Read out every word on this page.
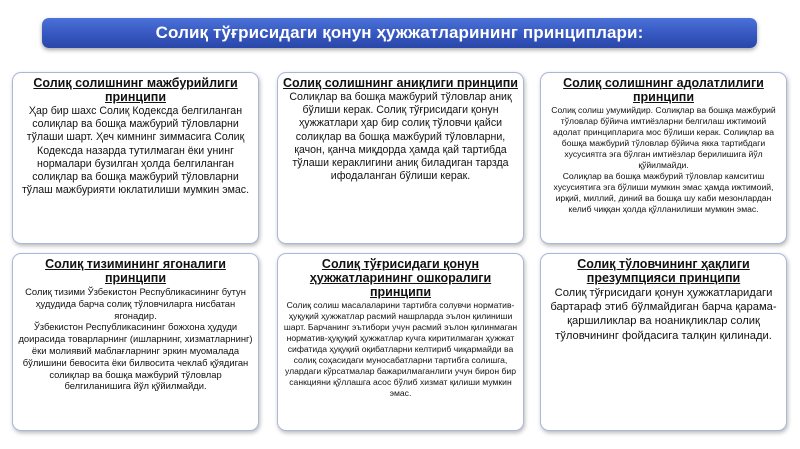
Солиқ тўғрисидаги қонун ҳужжатларининг принциплари:
Солиқ солишнинг мажбурийлиги принципи

Ҳар бир шахс Солиқ Кодексда белгиланган солиқлар ва бошқа мажбурий тўловларни тўлаши шарт. Ҳеч кимнинг зиммасига Солиқ Кодексда назарда тутилмаган ёки унинг нормалари бузилган ҳолда белгиланган солиқлар ва бошқа мажбурий тўловларни тўлаш мажбурияти юклатилиши мумкин эмас.

Солиқ солишнинг аниқлиги принципи

Солиқлар ва бошқа мажбурий тўловлар аниқ бўлиши керак. Солиқ тўғрисидаги қонун ҳужжатлари ҳар бир солиқ тўловчи қайси солиқлар ва бошқа мажбурий тўловларни, қачон, қанча миқдорда ҳамда қай тартибда тўлаши кераклигини аниқ биладиган тарзда ифодаланган бўлиши керак.

Солиқ солишнинг адолатлилиги принципи

Солиқ солиш умумийдир. Солиқлар ва бошқа мажбурий тўловлар бўйича имтиёзларни белгилаш ижтимоий адолат принципларига мос бўлиши керак. Солиқлар ва бошқа мажбурий тўловлар бўйича якка тартибдаги хусусиятга эга бўлган имтиёзлар берилишига йўл қўйилмайди.

Солиқлар ва бошқа мажбурий тўловлар камситиш хусусиятига эга бўлиши мумкин эмас ҳамда ижтимоий, ирқий, миллий, диний ва бошқа шу каби мезонлардан келиб чиққан ҳолда қўлланилиши мумкин эмас.

Солиқ тизимининг ягоналиги принципи

Солиқ тизими Ўзбекистон Республикасининг бутун ҳудудида барча солиқ тўловчиларга нисбатан ягонадир.

Ўзбекистон Республикасининг божхона ҳудуди доирасида товарларнинг (ишларнинг, хизматларнинг) ёки молиявий маблағларнинг эркин муомалада бўлишини бевосита ёки билвосита чеклаб қўядиган солиқлар ва бошқа мажбурий тўловлар белгиланишига йўл қўйилмайди.

Солиқ тўғрисидаги қонун ҳужжатларининг ошкоралиги принципи

Солиқ солиш масалаларини тартибга солувчи норматив-ҳуқуқий ҳужжатлар расмий нашрларда эълон қилиниши шарт. Барчанинг эътибори учун расмий эълон қилинмаган норматив-ҳуқуқий ҳужжатлар кучга киритилмаган ҳужжат сифатида ҳуқуқий оқибатларни келтириб чиқармайди ва солиқ соҳасидаги муносабатларни тартибга солишга, улардаги кўрсатмалар бажарилмаганлиги учун бирон бир санкцияни қўллашга асос бўлиб хизмат қилиши мумкин эмас.

Солиқ тўловчининг ҳақлиги презумпцияси принципи

Солиқ тўғрисидаги қонун ҳужжатларидаги бартараф этиб бўлмайдиган барча қарама-қаршиликлар ва ноаниқликлар солиқ тўловчининг фойдасига талқин қилинади.
